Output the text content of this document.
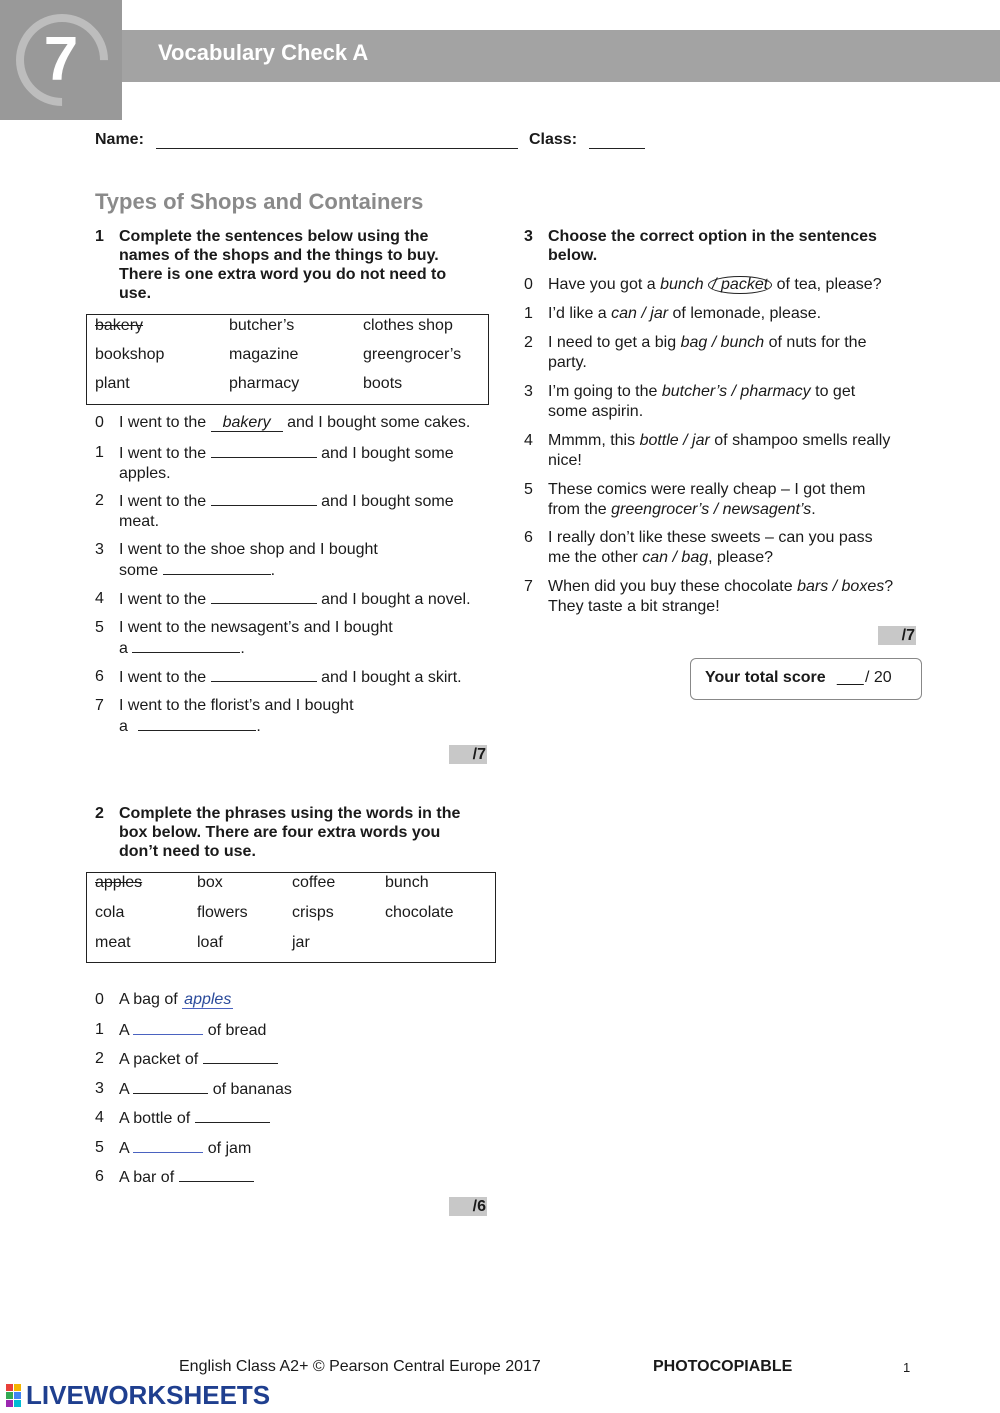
7	Vocabulary Check A
Name:	Class:
Types of Shops and Containers
1 Complete the sentences below using the
names of the shops and the things to buy.
There is one extra word you do not need to
use.
bakery	butcher’s	clothes shop
bookshop	magazine	greengrocer’s
plant	pharmacy	boots
0 I went to the bakery and I bought some cakes.
1 I went to the	and I bought some
apples.
2 I went to the	and I bought some
meat.
3 I went to the shoe shop and I bought
some	.
4 I went to the	and I bought a novel.
5 I went to the newsagent’s and I bought
a	.
6 I went to the	and I bought a skirt.
7 I went to the florist’s and I bought
a	.
/7
2 Complete the phrases using the words in the
box below. There are four extra words you
don’t need to use.
apples	box	coffee	bunch
cola	flowers	crisps	chocolate
meat	loaf	jar
0 A bag of apples
1 A	of bread
2 A packet of
3 A	of bananas
4 A bottle of
5 A	of jam
6 A bar of
/6
3 Choose the correct option in the sentences
below.
0 Have you got a bunch / packet of tea, please?
1 I’d like a can / jar of lemonade, please.
2 I need to get a big bag / bunch of nuts for the
party.
3 I’m going to the butcher’s / pharmacy to get
some aspirin.
4 Mmmm, this bottle / jar of shampoo smells really
nice!
5 These comics were really cheap – I got them
from the greengrocer’s / newsagent’s.
6 I really don’t like these sweets – can you pass
me the other can / bag, please?
7 When did you buy these chocolate bars / boxes?
They taste a bit strange!
/7
Your total score ___ / 20
English Class A2+ © Pearson Central Europe 2017	PHOTOCOPIABLE	1
LIVEWORKSHEETS
